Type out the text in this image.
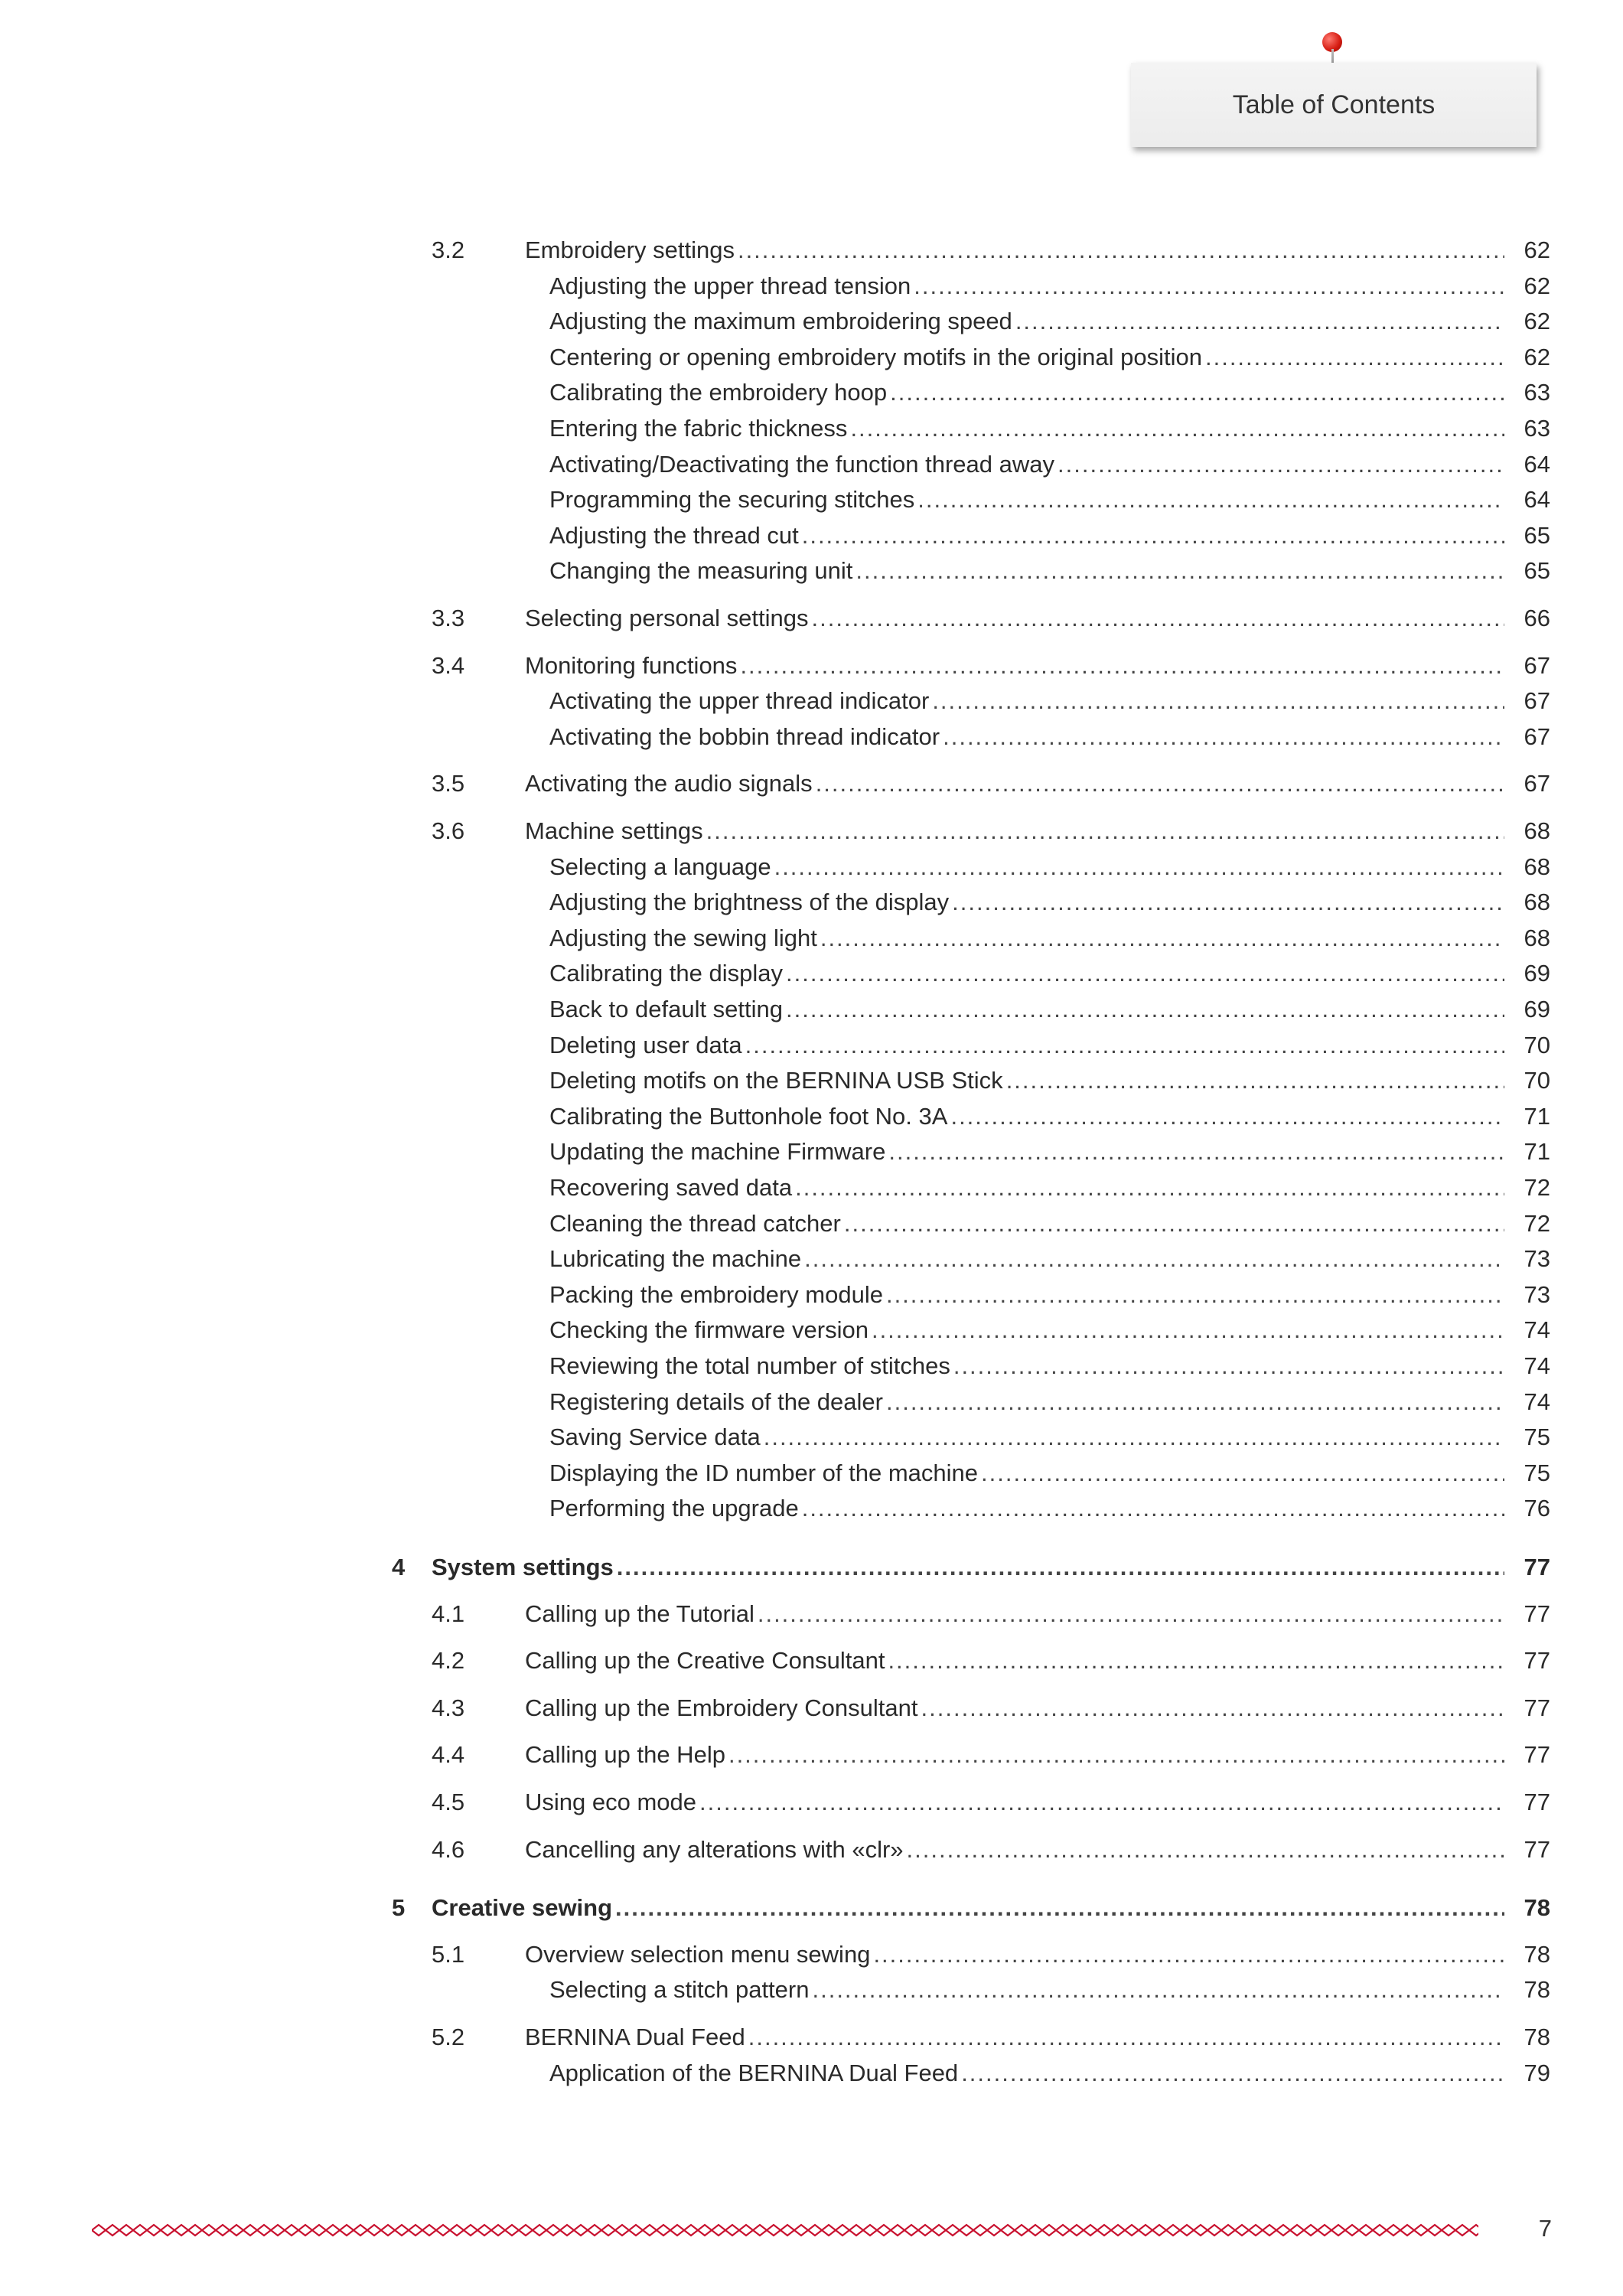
Table of Contents
3.2	Embroidery settings .....	62
Adjusting the upper thread tension .....	62
Adjusting the maximum embroidering speed .....	62
Centering or opening embroidery motifs in the original position .....	62
Calibrating the embroidery hoop .....	63
Entering the fabric thickness .....	63
Activating/Deactivating the function thread away .....	64
Programming the securing stitches .....	64
Adjusting the thread cut .....	65
Changing the measuring unit .....	65
3.3	Selecting personal settings .....	66
3.4	Monitoring functions .....	67
Activating the upper thread indicator .....	67
Activating the bobbin thread indicator .....	67
3.5	Activating the audio signals .....	67
3.6	Machine settings .....	68
Selecting a language .....	68
Adjusting the brightness of the display .....	68
Adjusting the sewing light .....	68
Calibrating the display .....	69
Back to default setting .....	69
Deleting user data .....	70
Deleting motifs on the BERNINA USB Stick .....	70
Calibrating the Buttonhole foot No. 3A .....	71
Updating the machine Firmware .....	71
Recovering saved data .....	72
Cleaning the thread catcher .....	72
Lubricating the machine .....	73
Packing the embroidery module .....	73
Checking the firmware version .....	74
Reviewing the total number of stitches .....	74
Registering details of the dealer .....	74
Saving Service data .....	75
Displaying the ID number of the machine .....	75
Performing the upgrade .....	76
4 System settings .....	77
4.1	Calling up the Tutorial .....	77
4.2	Calling up the Creative Consultant .....	77
4.3	Calling up the Embroidery Consultant .....	77
4.4	Calling up the Help .....	77
4.5	Using eco mode .....	77
4.6	Cancelling any alterations with «clr» .....	77
5 Creative sewing .....	78
5.1	Overview selection menu sewing .....	78
Selecting a stitch pattern .....	78
5.2	BERNINA Dual Feed .....	78
Application of the BERNINA Dual Feed .....	79
7
